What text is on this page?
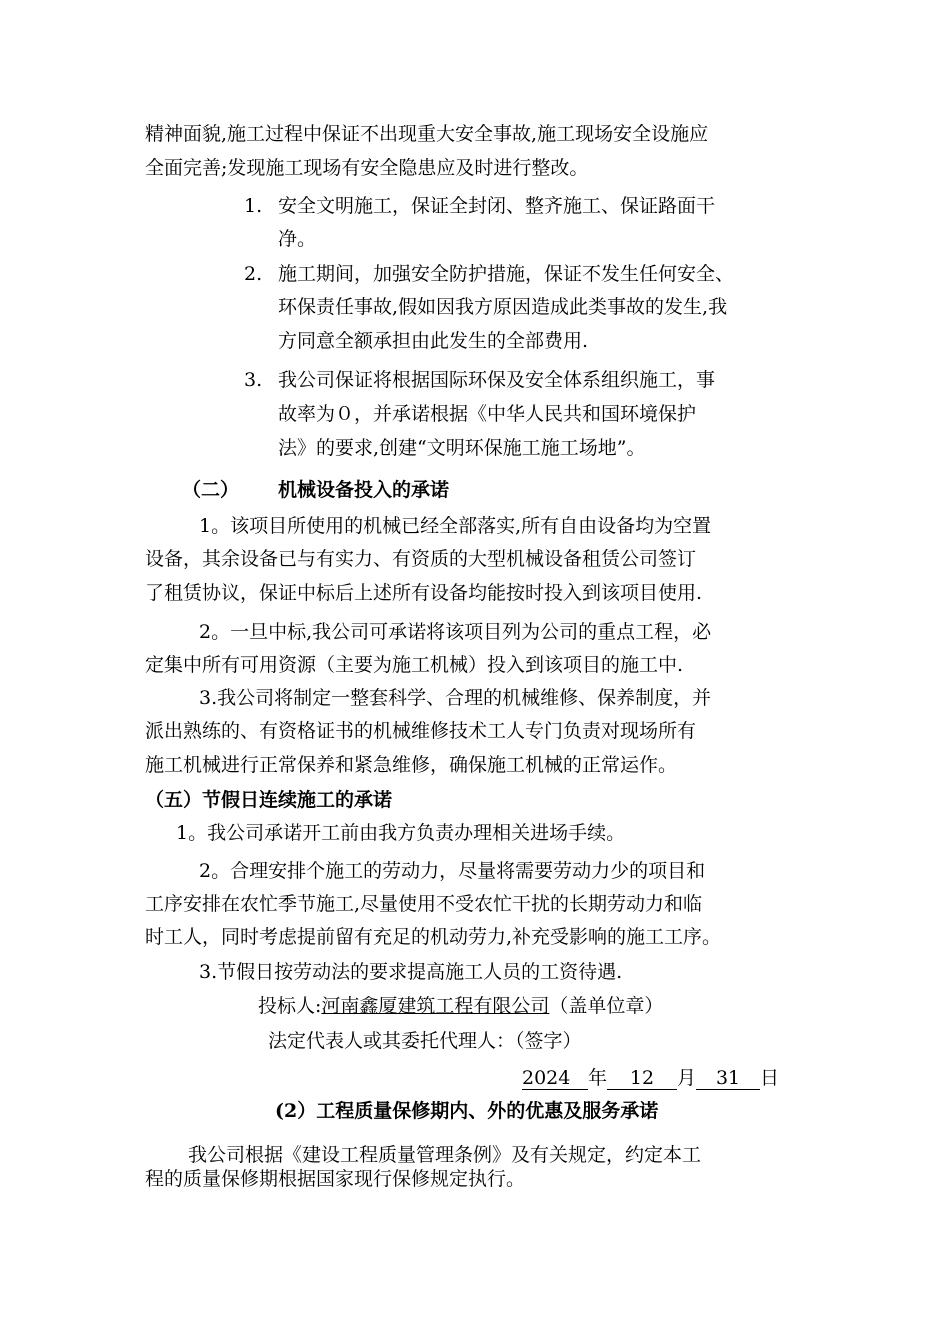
精神面貌,施工过程中保证不出现重大安全事故,施工现场安全设施应
全面完善;发现施工现场有安全隐患应及时进行整改。
1. 安全文明施工，保证全封闭、整齐施工、保证路面干
净。
2. 施工期间，加强安全防护措施，保证不发生任何安全、
环保责任事故,假如因我方原因造成此类事故的发生,我
方同意全额承担由此发生的全部费用.
3. 我公司保证将根据国际环保及安全体系组织施工，事
故率为０，并承诺根据《中华人民共和国环境保护
法》的要求,创建“文明环保施工施工场地”。
（二） 机械设备投入的承诺
1。该项目所使用的机械已经全部落实,所有自由设备均为空置
设备，其余设备已与有实力、有资质的大型机械设备租赁公司签订
了租赁协议，保证中标后上述所有设备均能按时投入到该项目使用.
2。一旦中标,我公司可承诺将该项目列为公司的重点工程，必
定集中所有可用资源（主要为施工机械）投入到该项目的施工中.
3.我公司将制定一整套科学、合理的机械维修、保养制度，并
派出熟练的、有资格证书的机械维修技术工人专门负责对现场所有
施工机械进行正常保养和紧急维修，确保施工机械的正常运作。
（五）节假日连续施工的承诺
1。我公司承诺开工前由我方负责办理相关进场手续。
2。合理安排个施工的劳动力，尽量将需要劳动力少的项目和
工序安排在农忙季节施工,尽量使用不受农忙干扰的长期劳动力和临
时工人，同时考虑提前留有充足的机动劳力,补充受影响的施工工序。
3.节假日按劳动法的要求提高施工人员的工资待遇.
投标人:河南鑫厦建筑工程有限公司（盖单位章）
法定代表人或其委托代理人：（签字）
2024 年 12 月 31 日
(2）工程质量保修期内、外的优惠及服务承诺
我公司根据《建设工程质量管理条例》及有关规定，约定本工
程的质量保修期根据国家现行保修规定执行。
